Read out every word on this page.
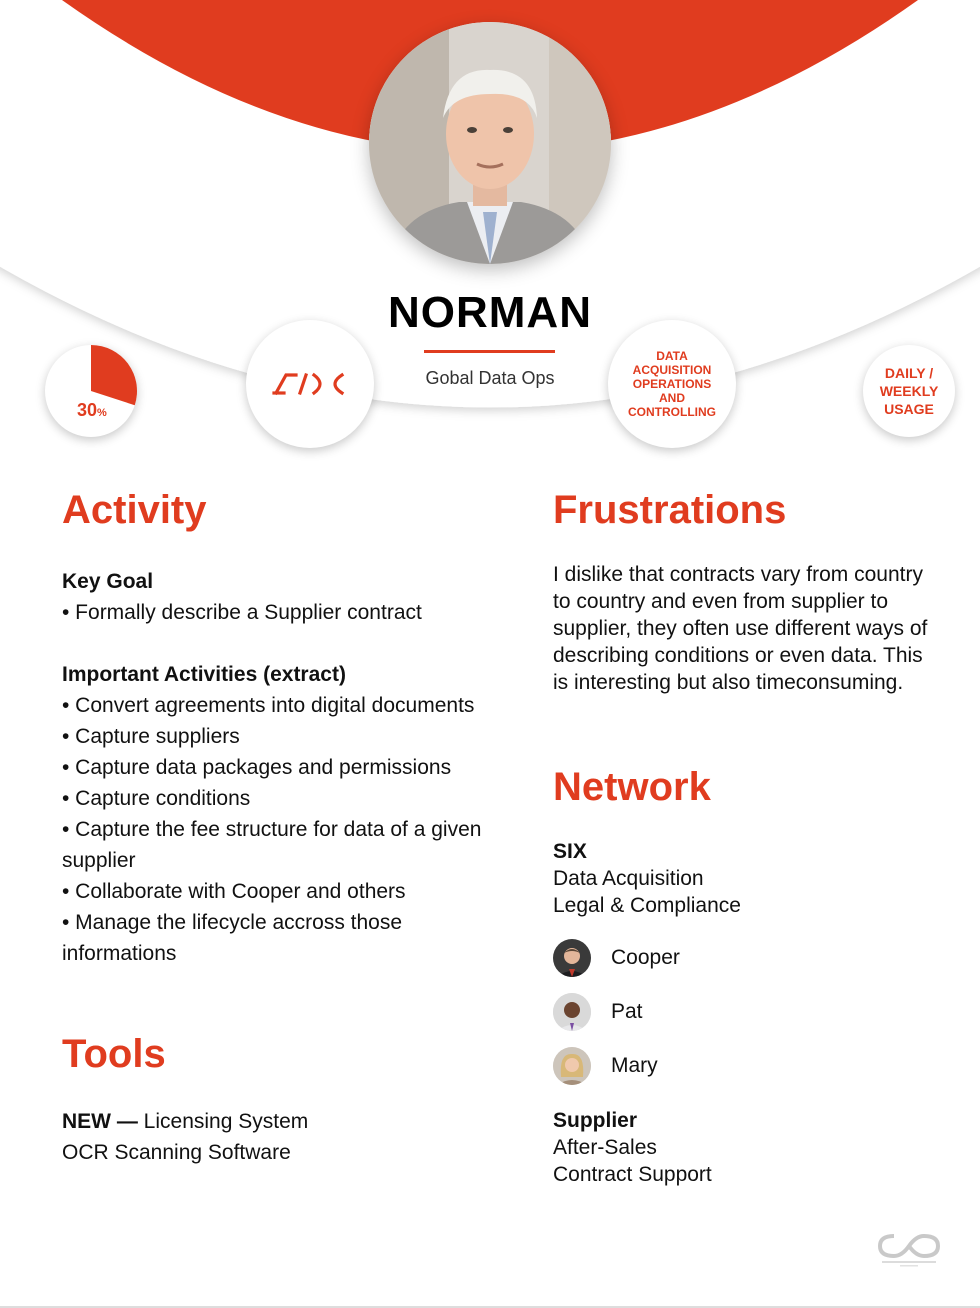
NORMAN
Gobal Data Ops
30%
DATA ACQUISITION OPERATIONS AND CONTROLLING
DAILY / WEEKLY USAGE
Activity

Key Goal

• Formally describe a Supplier contract

Important Activities (extract)

• Convert agreements into digital documents

• Capture suppliers

• Capture data packages and permissions

• Capture conditions

• Capture the fee structure for data of a given supplier

• Collaborate with Cooper and others

• Manage the lifecycle accross those informations

Tools

NEW — Licensing System

OCR Scanning Software

Frustrations
I dislike that contracts vary from country to country and even from supplier to supplier, they often use different ways of describing conditions or even data. This is interesting but also timeconsuming.
Network
SIX
Data Acquisition
Legal & Compliance
Cooper
Pat
Mary
Supplier
After-Sales
Contract Support
